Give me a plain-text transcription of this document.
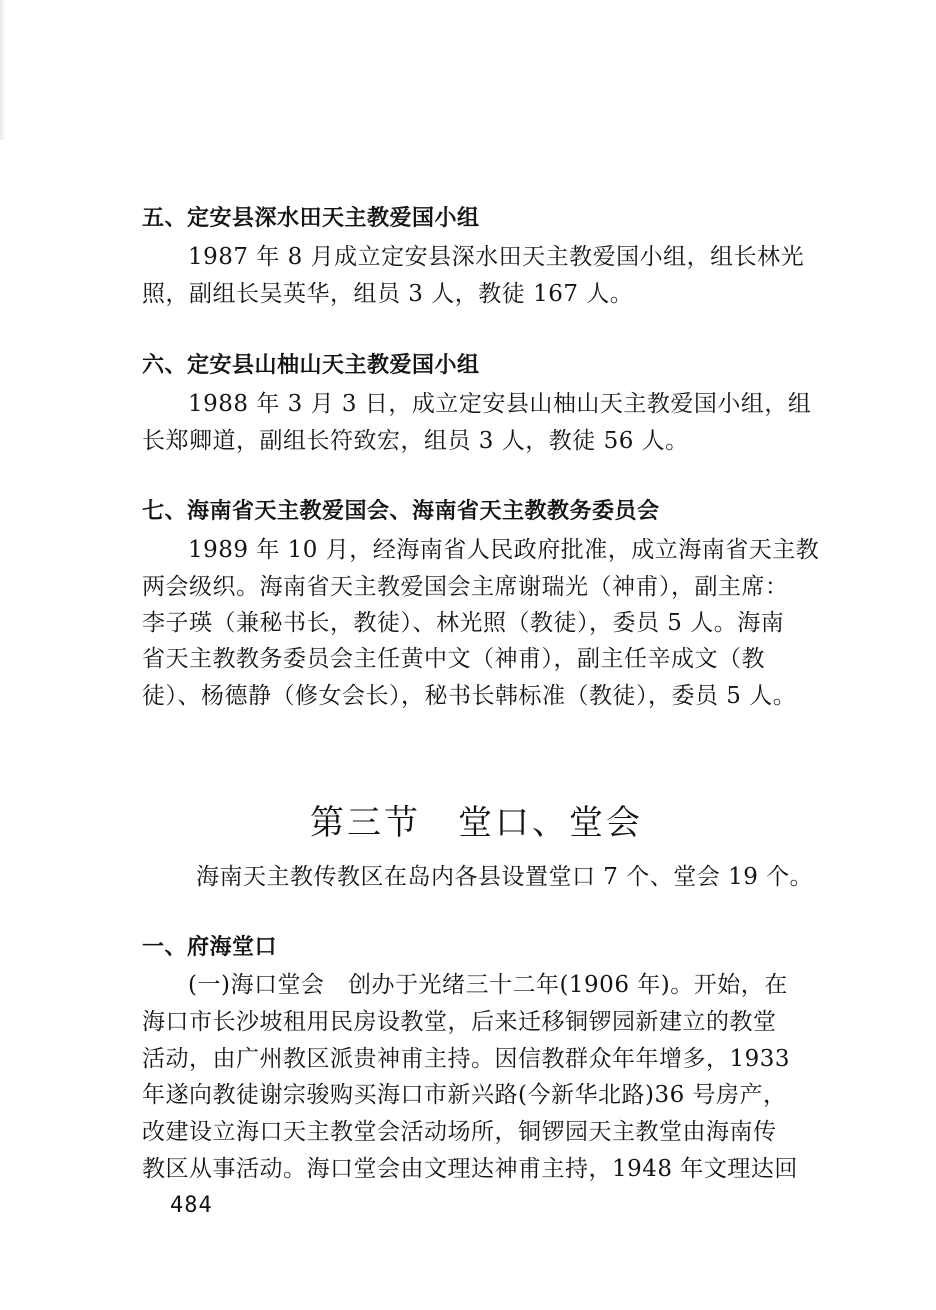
五、定安县深水田天主教爱国小组
1987 年 8 月成立定安县深水田天主教爱国小组，组长林光
照，副组长吴英华，组员 3 人，教徒 167 人。
六、定安县山柚山天主教爱国小组
1988 年 3 月 3 日，成立定安县山柚山天主教爱国小组，组
长郑卿道，副组长符致宏，组员 3 人，教徒 56 人。
七、海南省天主教爱国会、海南省天主教教务委员会
1989 年 10 月，经海南省人民政府批准，成立海南省天主教
两会级织。海南省天主教爱国会主席谢瑞光（神甫），副主席：
李子瑛（兼秘书长，教徒）、林光照（教徒），委员 5 人。海南
省天主教教务委员会主任黄中文（神甫），副主任辛成文（教
徒）、杨德静（修女会长），秘书长韩标准（教徒），委员 5 人。
第三节　堂口、堂会
海南天主教传教区在岛内各县设置堂口 7 个、堂会 19 个。
一、府海堂口
(一)海口堂会　创办于光绪三十二年(1906 年)。开始，在
海口市长沙坡租用民房设教堂，后来迁移铜锣园新建立的教堂
活动，由广州教区派贵神甫主持。因信教群众年年增多，1933
年遂向教徒谢宗骏购买海口市新兴路(今新华北路)36 号房产，
改建设立海口天主教堂会活动场所，铜锣园天主教堂由海南传
教区从事活动。海口堂会由文理达神甫主持，1948 年文理达回
484
